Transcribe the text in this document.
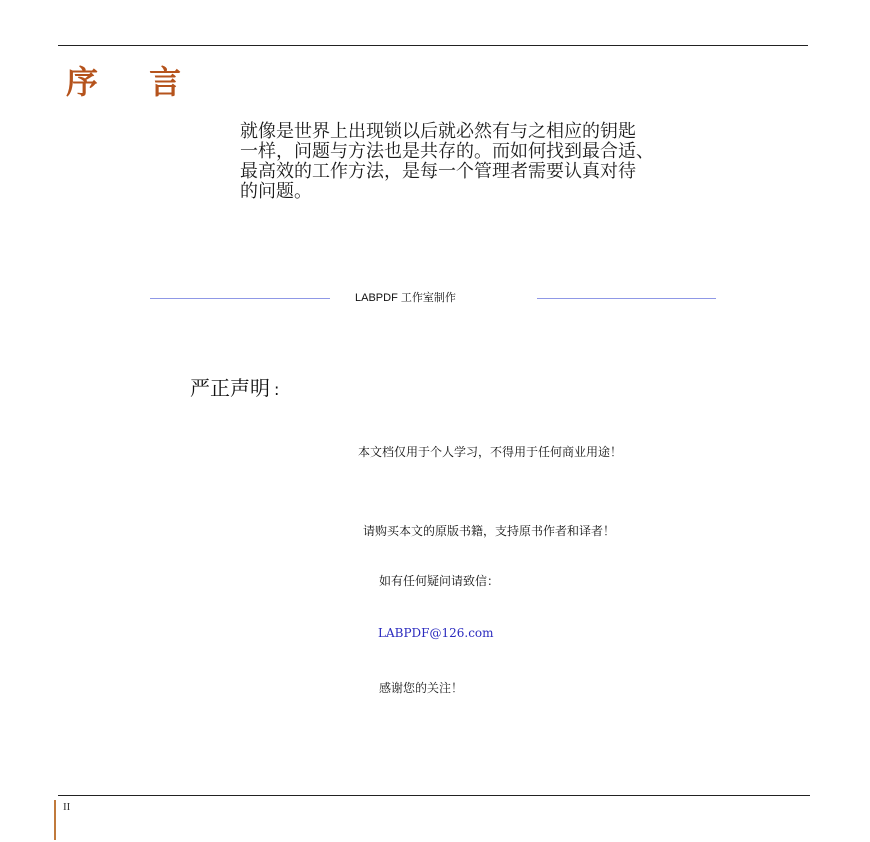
序 言
就像是世界上出现锁以后就必然有与之相应的钥匙
一样，问题与方法也是共存的。而如何找到最合适、
最高效的工作方法，是每一个管理者需要认真对待
的问题。
LABPDF 工作室制作
严正声明 :
本文档仅用于个人学习，不得用于任何商业用途！
请购买本文的原版书籍，支持原书作者和译者！
如有任何疑问请致信：
LABPDF@126.com
感谢您的关注！
II
